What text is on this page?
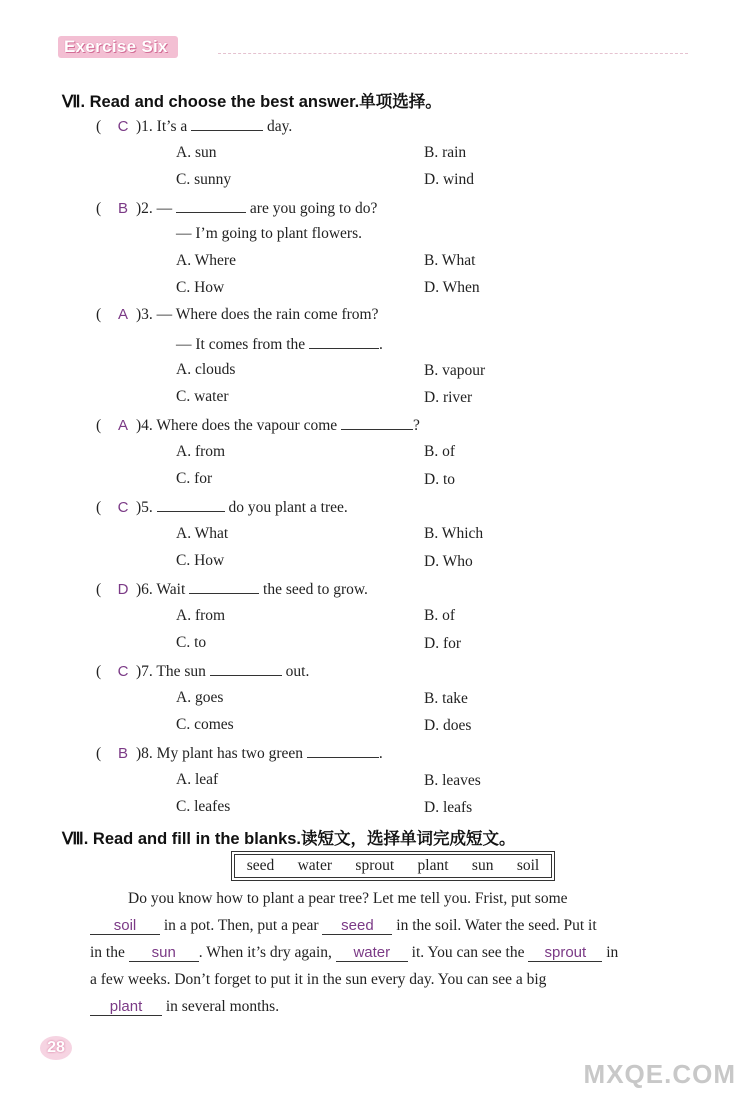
Exercise Six
Ⅶ. Read and choose the best answer.单项选择。
( C )1. It’s a	day.
A. sun	B. rain
C. sunny	D. wind
( B )2. —	are you going to do?
— I’m going to plant flowers.
A. Where	B. What
C. How	D. When
( A )3. — Where does the rain come from?
— It comes from the	.
A. clouds	B. vapour
C. water	D. river
( A )4. Where does the vapour come	?
A. from	B. of
C. for	D. to
( C )5.	do you plant a tree.
A. What	B. Which
C. How	D. Who
( D )6. Wait	the seed to grow.
A. from	B. of
C. to	D. for
( C )7. The sun	out.
A. goes	B. take
C. comes	D. does
( B )8. My plant has two green	.
A. leaf	B. leaves
C. leafes	D. leafs
Ⅷ. Read and fill in the blanks.读短文，选择单词完成短文。
seed water sprout plant sun soil
Do you know how to plant a pear tree? Let me tell you. Frist, put some
soil in a pot. Then, put a pear seed in the soil. Water the seed. Put it
in the sun . When it’s dry again, water it. You can see the sprout in
a few weeks. Don’t forget to put it in the sun every day. You can see a big
plant in several months.
28
MXQE.COM
